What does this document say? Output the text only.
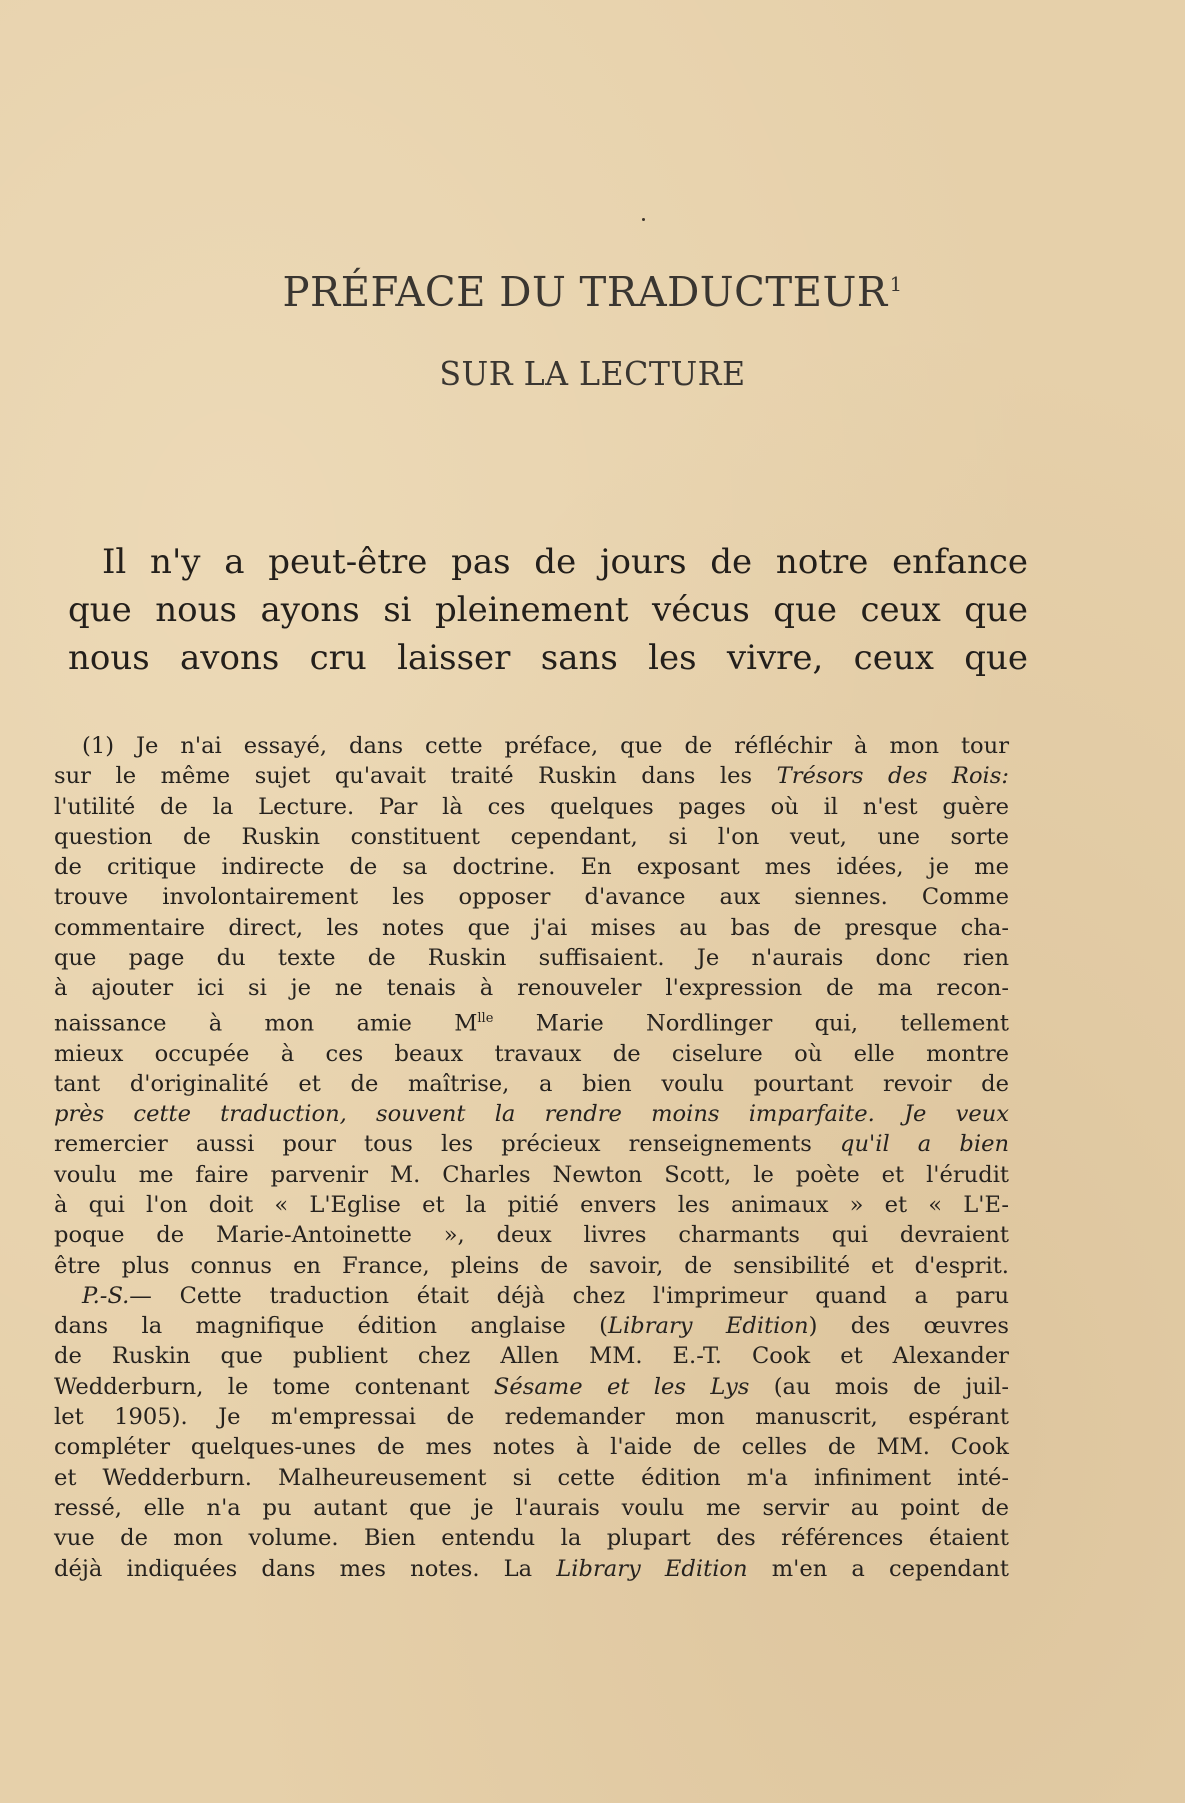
PRÉFACE DU TRADUCTEUR$^1$
SUR LA LECTURE
Il n'y a peut-être pas de jours de notre enfance
que nous ayons si pleinement vécus que ceux que
nous avons cru laisser sans les vivre, ceux que
(1) Je n'ai essayé, dans cette préface, que de réfléchir à mon tour
sur le même sujet qu'avait traité Ruskin dans les Trésors des Rois:
l'utilité de la Lecture. Par là ces quelques pages où il n'est guère
question de Ruskin constituent cependant, si l'on veut, une sorte
de critique indirecte de sa doctrine. En exposant mes idées, je me
trouve involontairement les opposer d'avance aux siennes. Comme
commentaire direct, les notes que j'ai mises au bas de presque cha-
que page du texte de Ruskin suffisaient. Je n'aurais donc rien
à ajouter ici si je ne tenais à renouveler l'expression de ma recon-
naissance à mon amie $M^{lle}$ Marie Nordlinger qui, tellement
mieux occupée à ces beaux travaux de ciselure où elle montre
tant d'originalité et de maîtrise, a bien voulu pourtant revoir de
près cette traduction, souvent la rendre moins imparfaite. Je veux
remercier aussi pour tous les précieux renseignements qu'il a bien
voulu me faire parvenir M. Charles Newton Scott, le poète et l'érudit
à qui l'on doit « L'Eglise et la pitié envers les animaux » et « L'E-
poque de Marie-Antoinette », deux livres charmants qui devraient
être plus connus en France, pleins de savoir, de sensibilité et d'esprit.
P.-S.— Cette traduction était déjà chez l'imprimeur quand a paru
dans la magnifique édition anglaise (Library Edition) des œuvres
de Ruskin que publient chez Allen MM. E.-T. Cook et Alexander
Wedderburn, le tome contenant Sésame et les Lys (au mois de juil-
let 1905). Je m'empressai de redemander mon manuscrit, espérant
compléter quelques-unes de mes notes à l'aide de celles de MM. Cook
et Wedderburn. Malheureusement si cette édition m'a infiniment inté-
ressé, elle n'a pu autant que je l'aurais voulu me servir au point de
vue de mon volume. Bien entendu la plupart des références étaient
déjà indiquées dans mes notes. La Library Edition m'en a cependant
